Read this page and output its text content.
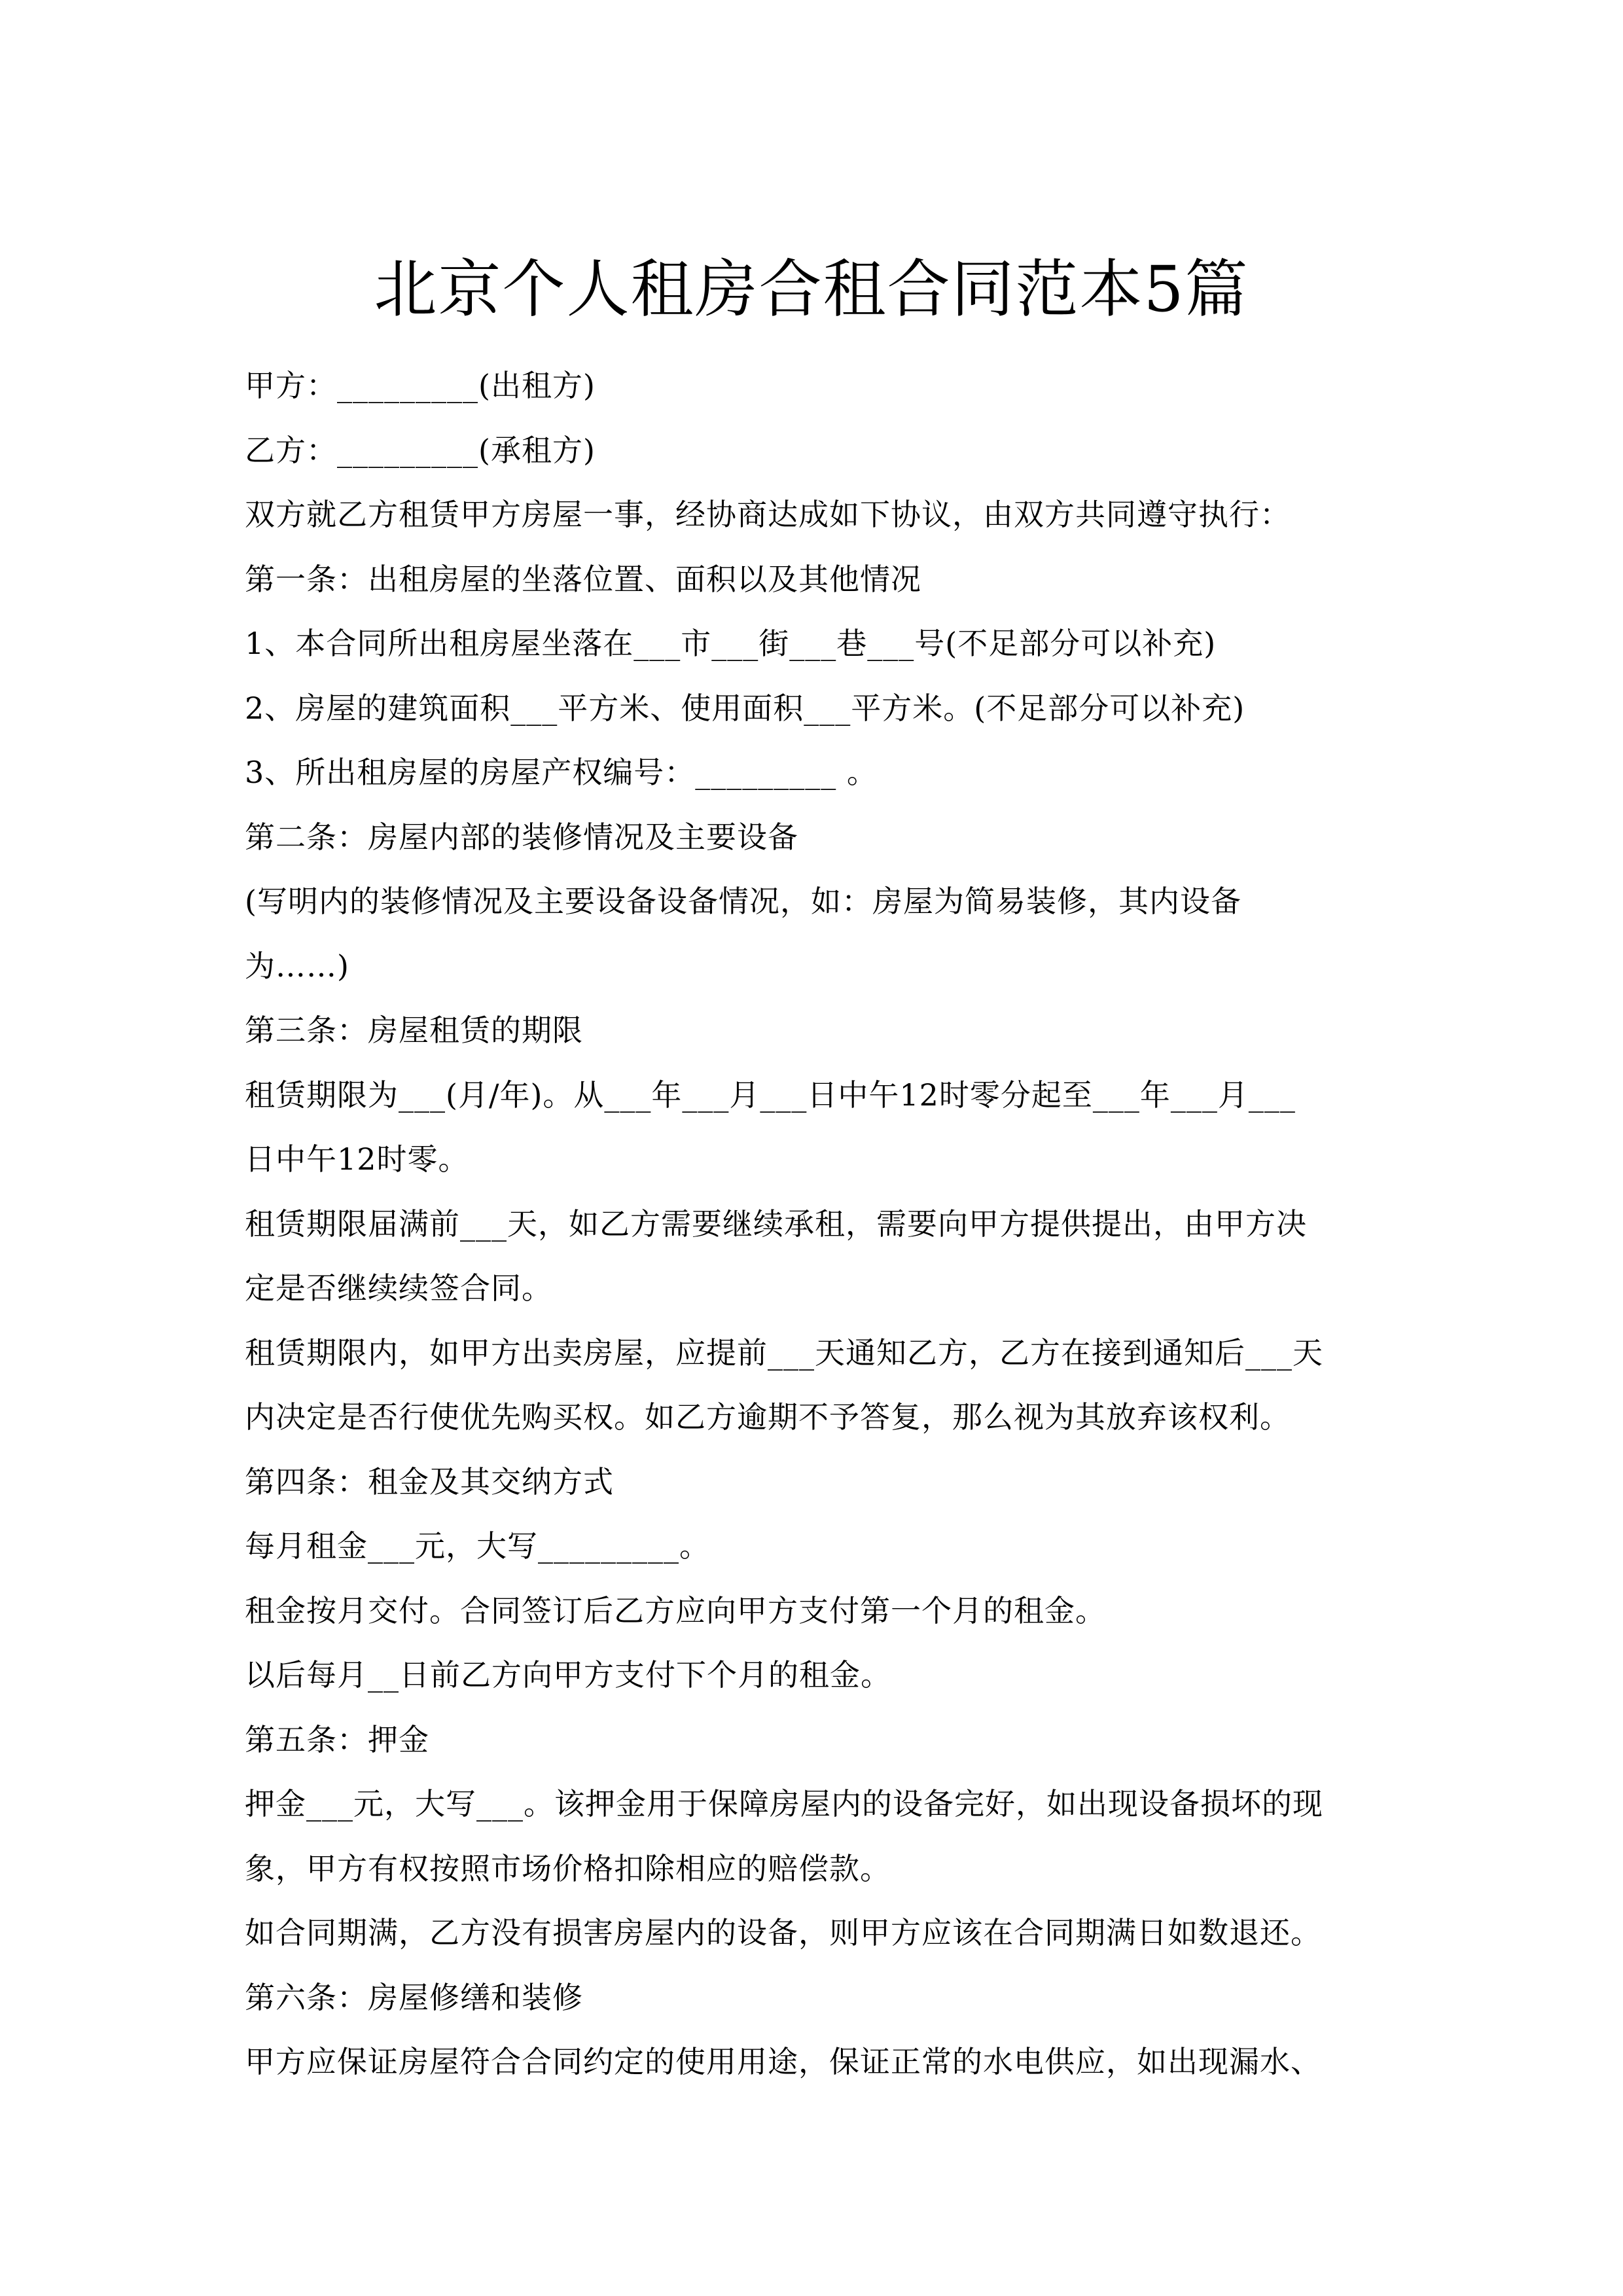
北京个人租房合租合同范本5篇
甲方：_________(出租方)
乙方：_________(承租方)
双方就乙方租赁甲方房屋一事，经协商达成如下协议，由双方共同遵守执行：
第一条：出租房屋的坐落位置、面积以及其他情况
1、本合同所出租房屋坐落在___市___街___巷___号(不足部分可以补充)
2、房屋的建筑面积___平方米、使用面积___平方米。(不足部分可以补充)
3、所出租房屋的房屋产权编号：_________ 。
第二条：房屋内部的装修情况及主要设备
(写明内的装修情况及主要设备设备情况，如：房屋为简易装修，其内设备
为……)
第三条：房屋租赁的期限
租赁期限为___(月/年)。从___年___月___日中午12时零分起至___年___月___
日中午12时零。
租赁期限届满前___天，如乙方需要继续承租，需要向甲方提供提出，由甲方决
定是否继续续签合同。
租赁期限内，如甲方出卖房屋，应提前___天通知乙方，乙方在接到通知后___天
内决定是否行使优先购买权。如乙方逾期不予答复，那么视为其放弃该权利。
第四条：租金及其交纳方式
每月租金___元，大写_________。
租金按月交付。合同签订后乙方应向甲方支付第一个月的租金。
以后每月__日前乙方向甲方支付下个月的租金。
第五条：押金
押金___元，大写___。该押金用于保障房屋内的设备完好，如出现设备损坏的现
象，甲方有权按照市场价格扣除相应的赔偿款。
如合同期满，乙方没有损害房屋内的设备，则甲方应该在合同期满日如数退还。
第六条：房屋修缮和装修
甲方应保证房屋符合合同约定的使用用途，保证正常的水电供应，如出现漏水、
